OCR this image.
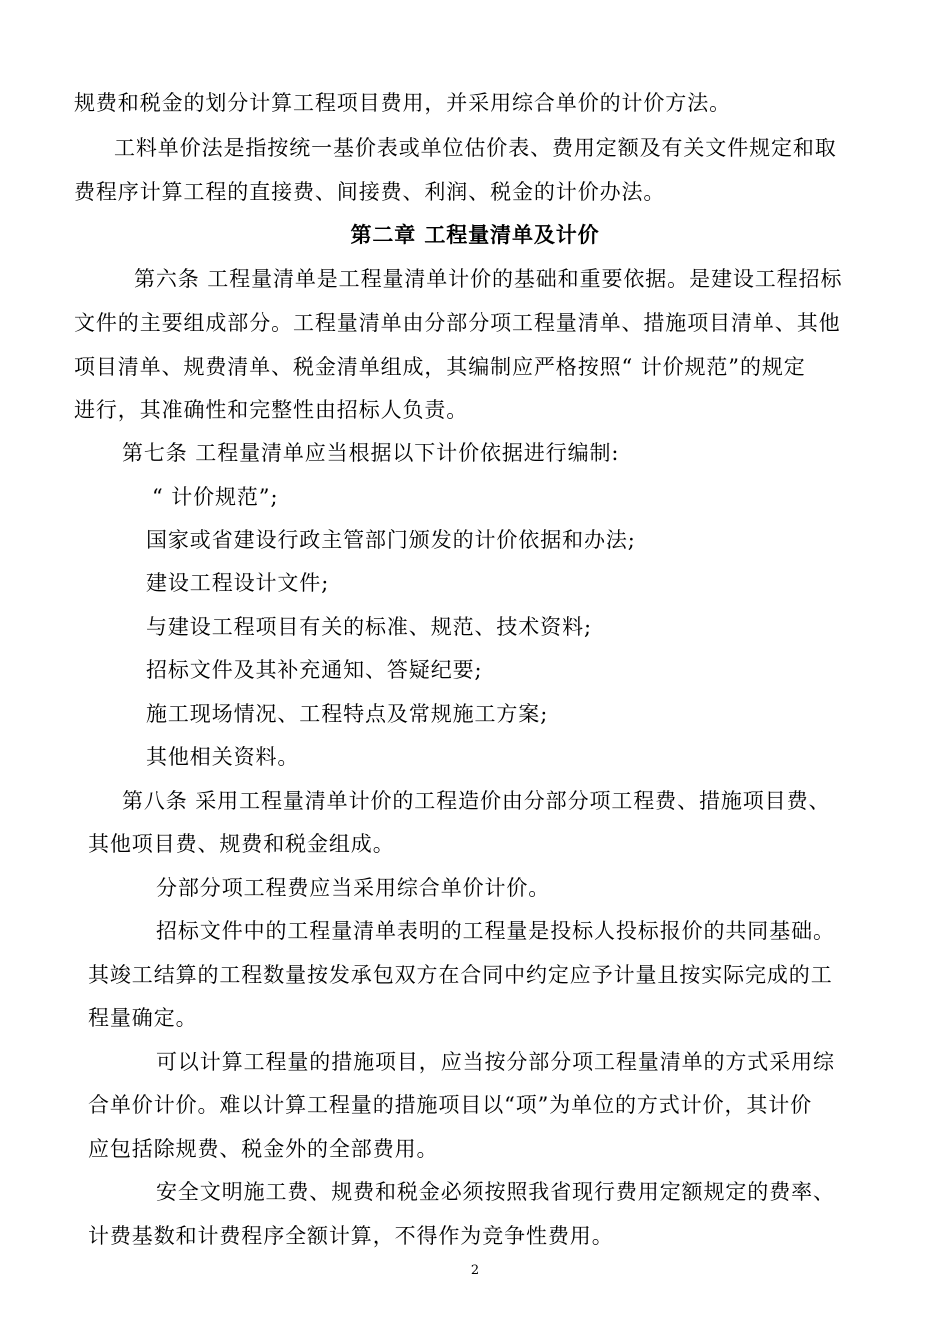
规费和税金的划分计算工程项目费用，并采用综合单价的计价方法。

工料单价法是指按统一基价表或单位估价表、费用定额及有关文件规定和取

费程序计算工程的直接费、间接费、利润、税金的计价办法。

第二章 工程量清单及计价

第六条 工程量清单是工程量清单计价的基础和重要依据。是建设工程招标

文件的主要组成部分。工程量清单由分部分项工程量清单、措施项目清单、其他

项目清单、规费清单、税金清单组成，其编制应严格按照“ 计价规范”的规定

进行，其准确性和完整性由招标人负责。

第七条 工程量清单应当根据以下计价依据进行编制:

“ 计价规范”;

国家或省建设行政主管部门颁发的计价依据和办法;

建设工程设计文件;

与建设工程项目有关的标准、规范、技术资料;

招标文件及其补充通知、答疑纪要;

施工现场情况、工程特点及常规施工方案;

其他相关资料。

第八条 采用工程量清单计价的工程造价由分部分项工程费、措施项目费、

其他项目费、规费和税金组成。

分部分项工程费应当采用综合单价计价。

招标文件中的工程量清单表明的工程量是投标人投标报价的共同基础。

其竣工结算的工程数量按发承包双方在合同中约定应予计量且按实际完成的工

程量确定。

可以计算工程量的措施项目，应当按分部分项工程量清单的方式采用综

合单价计价。难以计算工程量的措施项目以“项”为单位的方式计价，其计价

应包括除规费、税金外的全部费用。

安全文明施工费、规费和税金必须按照我省现行费用定额规定的费率、

计费基数和计费程序全额计算，不得作为竞争性费用。

2
